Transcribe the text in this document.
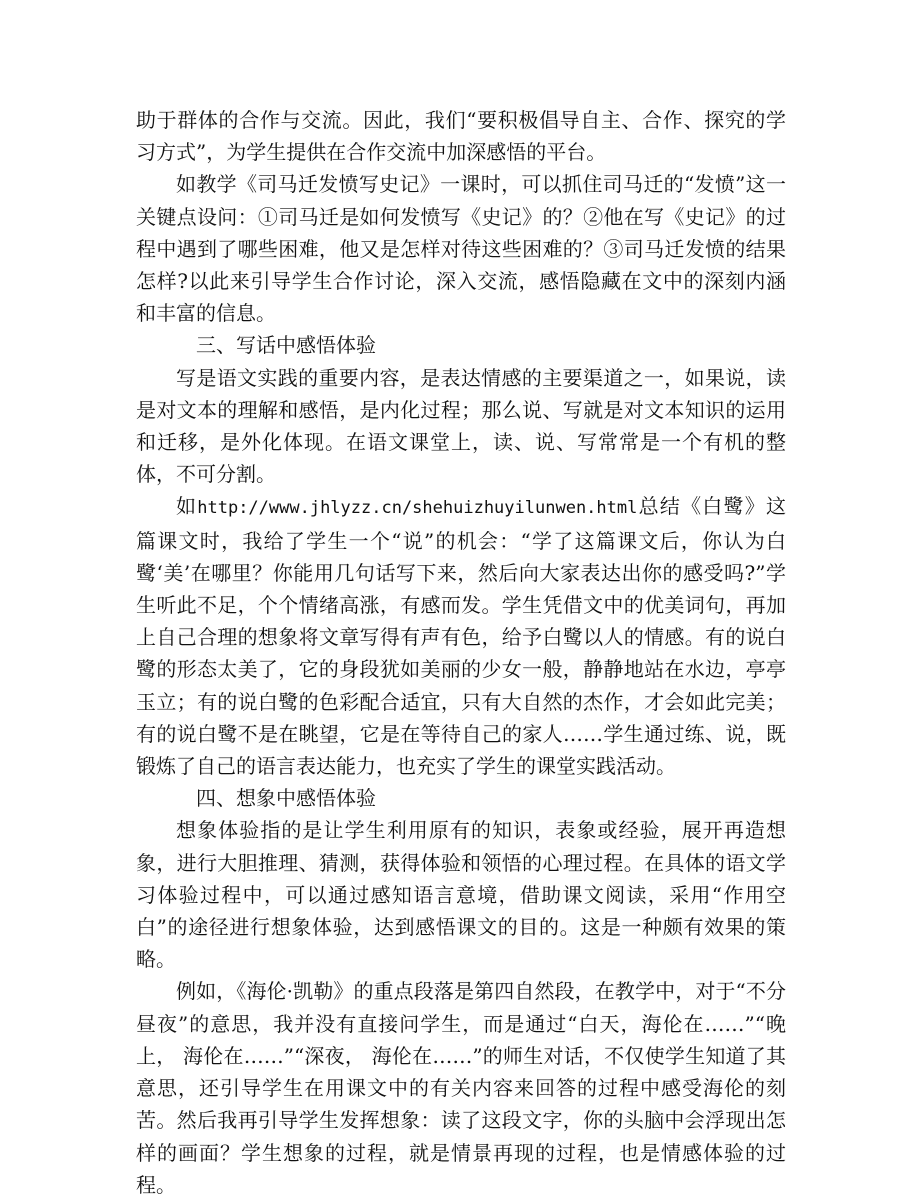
助于群体的合作与交流。因此，我们“要积极倡导自主、合作、探究的学习方式”，为学生提供在合作交流中加深感悟的平台。

如教学《司马迁发愤写史记》一课时，可以抓住司马迁的“发愤”这一关键点设问：①司马迁是如何发愤写《史记》的？②他在写《史记》的过程中遇到了哪些困难，他又是怎样对待这些困难的？③司马迁发愤的结果怎样?以此来引导学生合作讨论，深入交流，感悟隐藏在文中的深刻内涵和丰富的信息。

三、写话中感悟体验

写是语文实践的重要内容，是表达情感的主要渠道之一，如果说，读是对文本的理解和感悟，是内化过程；那么说、写就是对文本知识的运用和迁移，是外化体现。在语文课堂上，读、说、写常常是一个有机的整体，不可分割。

如http://www.jhlyzz.cn/shehuizhuyilunwen.html总结《白鹭》这篇课文时，我给了学生一个“说”的机会：“学了这篇课文后，你认为白鹭‘美’在哪里？你能用几句话写下来，然后向大家表达出你的感受吗?”学生听此不足，个个情绪高涨，有感而发。学生凭借文中的优美词句，再加上自己合理的想象将文章写得有声有色，给予白鹭以人的情感。有的说白鹭的形态太美了，它的身段犹如美丽的少女一般，静静地站在水边，亭亭玉立；有的说白鹭的色彩配合适宜，只有大自然的杰作，才会如此完美；有的说白鹭不是在眺望，它是在等待自己的家人……学生通过练、说，既锻炼了自己的语言表达能力，也充实了学生的课堂实践活动。

四、想象中感悟体验

想象体验指的是让学生利用原有的知识，表象或经验，展开再造想象，进行大胆推理、猜测，获得体验和领悟的心理过程。在具体的语文学习体验过程中，可以通过感知语言意境，借助课文阅读，采用“作用空白”的途径进行想象体验，达到感悟课文的目的。这是一种颇有效果的策略。

例如，《海伦·凯勒》的重点段落是第四自然段，在教学中，对于“不分昼夜”的意思，我并没有直接问学生，而是通过“白天，海伦在……”“晚上， 海伦在……”“深夜， 海伦在……”的师生对话，不仅使学生知道了其意思，还引导学生在用课文中的有关内容来回答的过程中感受海伦的刻苦。然后我再引导学生发挥想象：读了这段文字，你的头脑中会浮现出怎样的画面？学生想象的过程，就是情景再现的过程，也是情感体验的过程。
